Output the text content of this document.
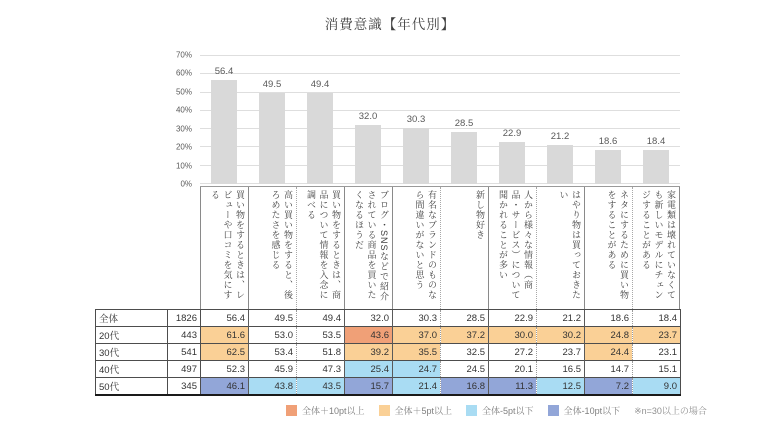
消費意識【年代別】
70%
60%
50%
40%
30%
20%
10%
0%
56.4
49.5	49.4
32.0	30.3	28.5
22.9	21.2	18.6	18.4
買い物をするときは、レビューや口コミを気にする	高い買い物をすると、後ろめたさを感じる	買い物をするときは、商品について情報を入念に調べる	ブログ・SNSなどで紹介されている商品を買いたくなるほうだ	有名なブランドのものなら間違いがないと思う	新し物好き	人から様々な情報（商品・サービス）について聞かれることが多い	はやり物は買っておきたい	ネタにするために買い物をすることがある	家電類は壊れていなくても新しいモデルにチェンジすることがある
全体	1826	56.4	49.5	49.4	32.0	30.3	28.5	22.9	21.2	18.6	18.4
20代	443	61.6	53.0	53.5	43.6	37.0	37.2	30.0	30.2	24.8	23.7
30代	541	62.5	53.4	51.8	39.2	35.5	32.5	27.2	23.7	24.4	23.1
40代	497	52.3	45.9	47.3	25.4	24.7	24.5	20.1	16.5	14.7	15.1
50代	345	46.1	43.8	43.5	15.7	21.4	16.8	11.3	12.5	7.2	9.0
全体＋10pt以上	全体＋5pt以上	全体-5pt以下	全体-10pt以下 ※n=30以上の場合
